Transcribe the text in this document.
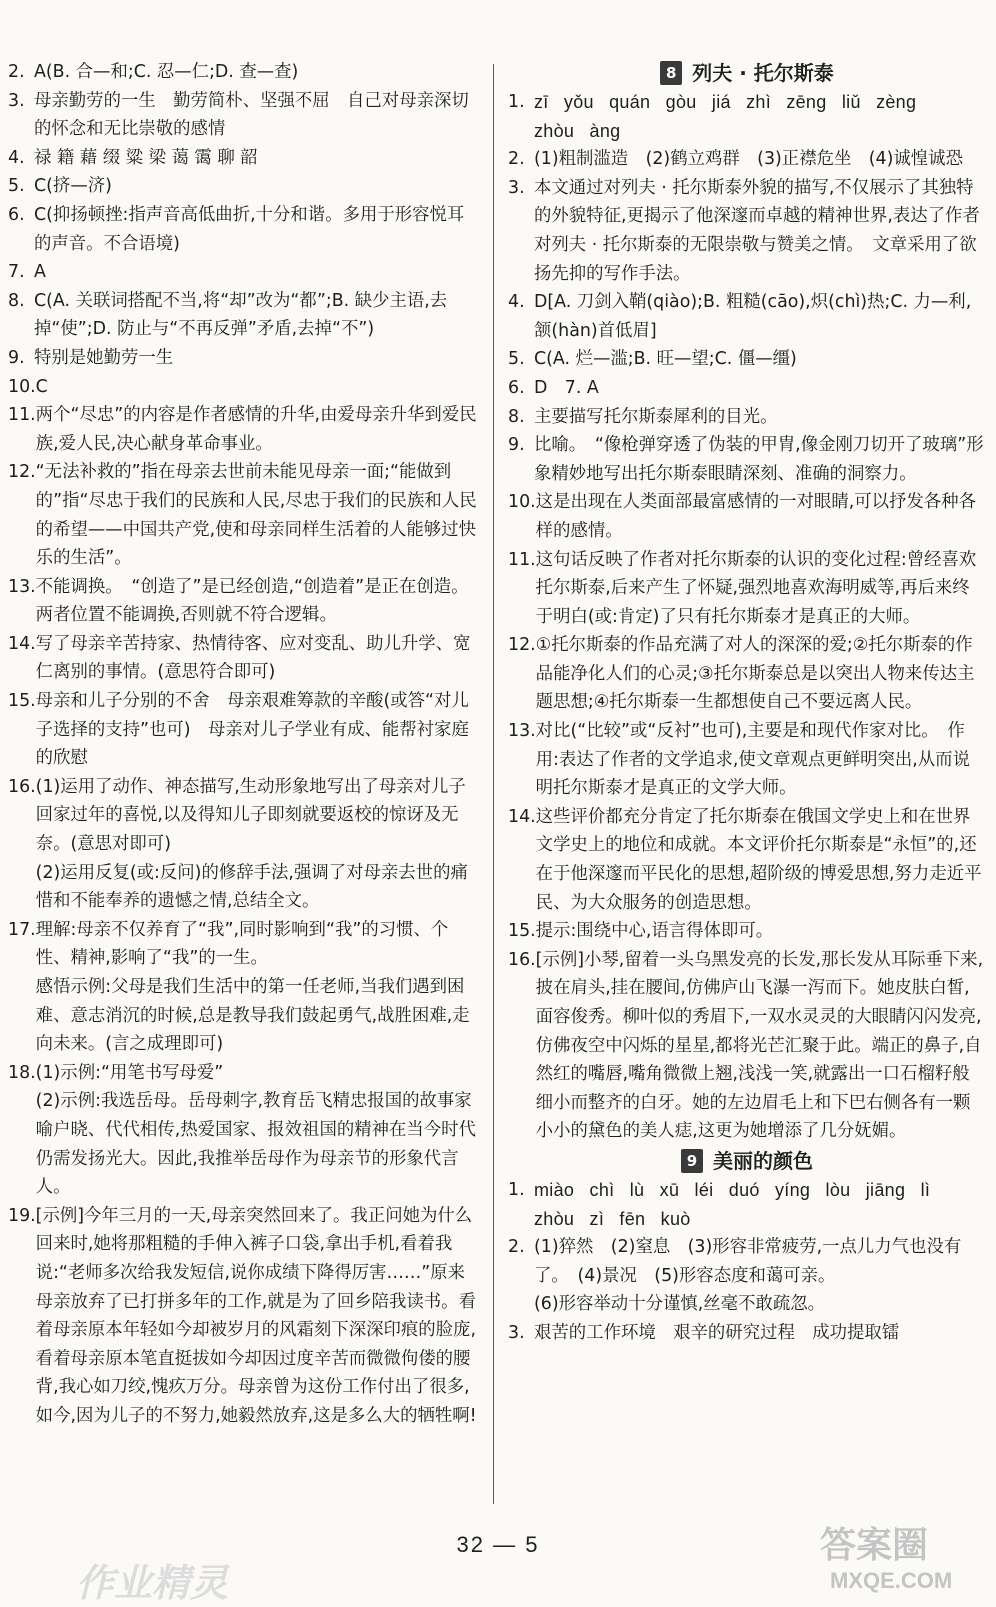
2. A(B. 合—和;C. 忍—仁;D. 查—查)

3. 母亲勤劳的一生　勤劳简朴、坚强不屈　自己对母亲深切的怀念和无比崇敬的感情

4. 禄 籍 藉 缀 粱 梁 蔼 霭 聊 韶

5. C(挤—济)

6. C(抑扬顿挫:指声音高低曲折,十分和谐。多用于形容悦耳的声音。不合语境)

7. A

8. C(A. 关联词搭配不当,将“却”改为“都”;B. 缺少主语,去掉“使”;D. 防止与“不再反弹”矛盾,去掉“不”)

9. 特别是她勤劳一生

10. C

11. 两个“尽忠”的内容是作者感情的升华,由爱母亲升华到爱民族,爱人民,决心献身革命事业。

12. “无法补救的”指在母亲去世前未能见母亲一面;“能做到的”指“尽忠于我们的民族和人民,尽忠于我们的民族和人民的希望——中国共产党,使和母亲同样生活着的人能够过快乐的生活”。

13. 不能调换。　“创造了”是已经创造,“创造着”是正在创造。两者位置不能调换,否则就不符合逻辑。

14. 写了母亲辛苦持家、热情待客、应对变乱、助儿升学、宽仁离别的事情。(意思符合即可)

15. 母亲和儿子分别的不舍　母亲艰难筹款的辛酸(或答“对儿子选择的支持”也可)　母亲对儿子学业有成、能帮衬家庭的欣慰

16. (1)运用了动作、神态描写,生动形象地写出了母亲对儿子回家过年的喜悦,以及得知儿子即刻就要返校的惊讶及无奈。(意思对即可)

(2)运用反复(或:反问)的修辞手法,强调了对母亲去世的痛惜和不能奉养的遗憾之情,总结全文。

17. 理解:母亲不仅养育了“我”,同时影响到“我”的习惯、个性、精神,影响了“我”的一生。

感悟示例:父母是我们生活中的第一任老师,当我们遇到困难、意志消沉的时候,总是教导我们鼓起勇气,战胜困难,走向未来。(言之成理即可)

18. (1)示例:“用笔书写母爱”

(2)示例:我选岳母。岳母刺字,教育岳飞精忠报国的故事家喻户晓、代代相传,热爱国家、报效祖国的精神在当今时代仍需发扬光大。因此,我推举岳母作为母亲节的形象代言人。

19. [示例]今年三月的一天,母亲突然回来了。我正问她为什么回来时,她将那粗糙的手伸入裤子口袋,拿出手机,看着我说:“老师多次给我发短信,说你成绩下降得厉害……”原来母亲放弃了已打拼多年的工作,就是为了回乡陪我读书。看着母亲原本年轻如今却被岁月的风霜刻下深深印痕的脸庞,看着母亲原本笔直挺拔如今却因过度辛苦而微微佝偻的腰背,我心如刀绞,愧疚万分。母亲曾为这份工作付出了很多,如今,因为儿子的不努力,她毅然放弃,这是多么大的牺牲啊!

8 列夫 · 托尔斯泰
1. zī yǒu quán gòu jiá zhì zēng liǔ zèng

zhòu àng

2. (1)粗制滥造　(2)鹤立鸡群　(3)正襟危坐　(4)诚惶诚恐

3. 本文通过对列夫 · 托尔斯泰外貌的描写,不仅展示了其独特的外貌特征,更揭示了他深邃而卓越的精神世界,表达了作者对列夫 · 托尔斯泰的无限崇敬与赞美之情。　文章采用了欲扬先抑的写作手法。

4. D[A. 刀剑入鞘(qiào);B. 粗糙(cāo),炽(chì)热;C. 力—利,颔(hàn)首低眉]

5. C(A. 烂—滥;B. 旺—望;C. 僵—缰)

6. D　7. A

8. 主要描写托尔斯泰犀利的目光。

9. 比喻。　“像枪弹穿透了伪装的甲胄,像金刚刀切开了玻璃”形象精妙地写出托尔斯泰眼睛深刻、准确的洞察力。

10. 这是出现在人类面部最富感情的一对眼睛,可以抒发各种各样的感情。

11. 这句话反映了作者对托尔斯泰的认识的变化过程:曾经喜欢托尔斯泰,后来产生了怀疑,强烈地喜欢海明威等,再后来终于明白(或:肯定)了只有托尔斯泰才是真正的大师。

12. ①托尔斯泰的作品充满了对人的深深的爱;②托尔斯泰的作品能净化人们的心灵;③托尔斯泰总是以突出人物来传达主题思想;④托尔斯泰一生都想使自己不要远离人民。

13. 对比(“比较”或“反衬”也可),主要是和现代作家对比。　作用:表达了作者的文学追求,使文章观点更鲜明突出,从而说明托尔斯泰才是真正的文学大师。

14. 这些评价都充分肯定了托尔斯泰在俄国文学史上和在世界文学史上的地位和成就。本文评价托尔斯泰是“永恒”的,还在于他深邃而平民化的思想,超阶级的博爱思想,努力走近平民、为大众服务的创造思想。

15. 提示:围绕中心,语言得体即可。

16. [示例]小琴,留着一头乌黑发亮的长发,那长发从耳际垂下来,披在肩头,挂在腰间,仿佛庐山飞瀑一泻而下。她皮肤白皙,面容俊秀。柳叶似的秀眉下,一双水灵灵的大眼睛闪闪发亮,仿佛夜空中闪烁的星星,都将光芒汇聚于此。端正的鼻子,自然红的嘴唇,嘴角微微上翘,浅浅一笑,就露出一口石榴籽般细小而整齐的白牙。她的左边眉毛上和下巴右侧各有一颗小小的黛色的美人痣,这更为她增添了几分妩媚。

9 美丽的颜色
1. miào chì lù xū léi duó yíng lòu jiāng lì

zhòu zì fēn kuò

2. (1)猝然　(2)窒息　(3)形容非常疲劳,一点儿力气也没有了。　(4)景况　(5)形容态度和蔼可亲。

(6)形容举动十分谨慎,丝毫不敢疏忽。

3. 艰苦的工作环境　艰辛的研究过程　成功提取镭

32 — 5
作业精灵
答案圈
MXQE.COM
